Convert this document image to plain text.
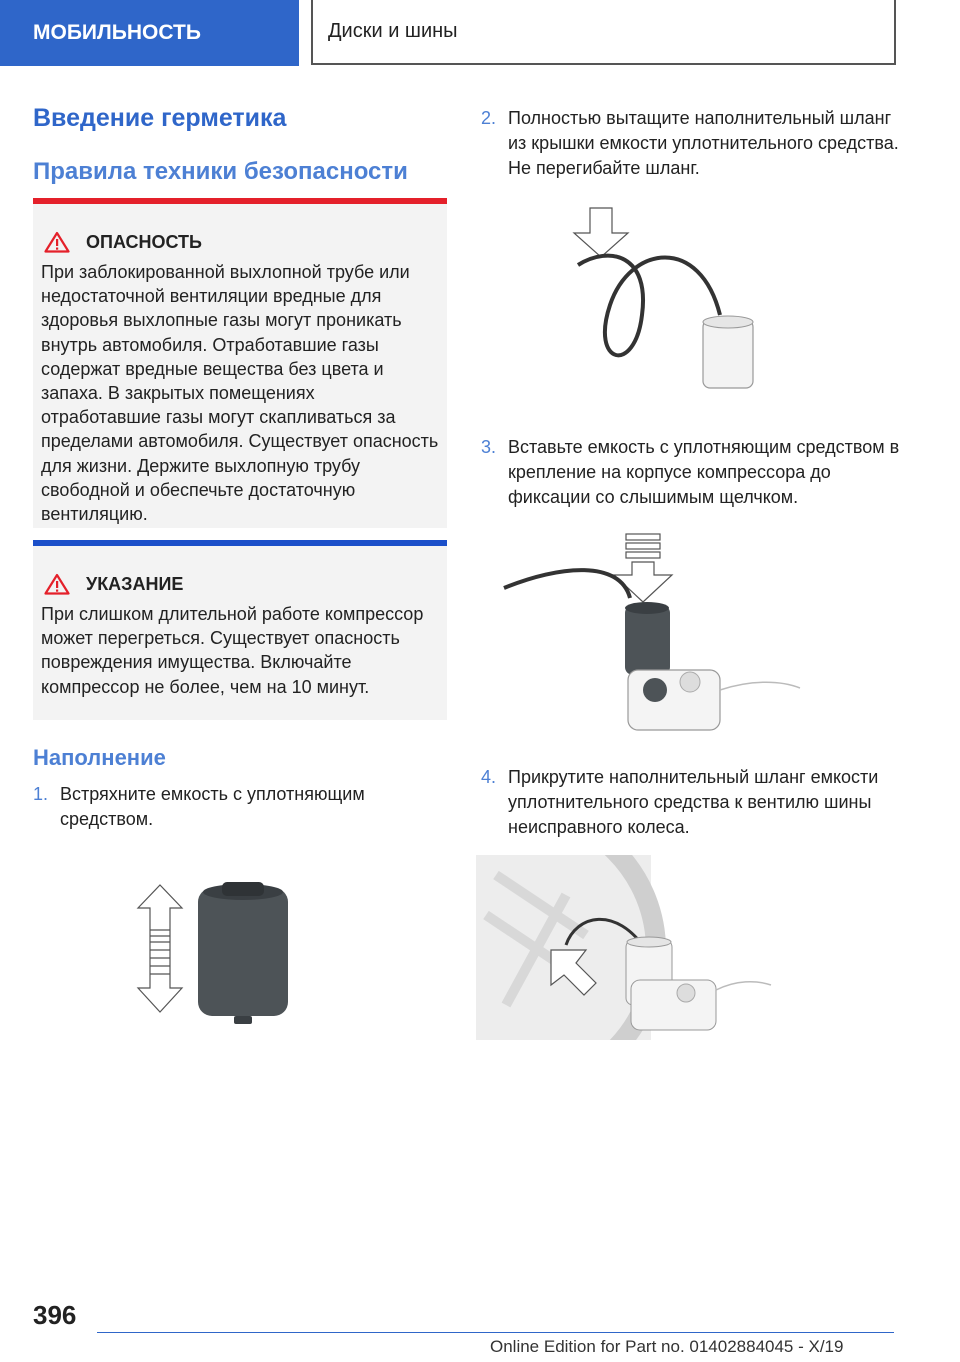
МОБИЛЬНОСТЬ	Диски и шины
Введение герметика
Правила техники безопасности
ОПАСНОСТЬ
При заблокированной выхлопной трубе или недостаточной вентиляции вредные для здоровья выхлопные газы могут проникать внутрь автомобиля. Отработавшие газы содержат вредные вещества без цвета и запаха. В закрытых помещениях отработавшие газы могут скапливаться за пределами автомобиля. Существует опасность для жизни. Держите выхлопную трубу свободной и обеспечьте достаточную вентиляцию.
УКАЗАНИЕ
При слишком длительной работе компрессор может перегреться. Существует опасность повреждения имущества. Включайте компрессор не более, чем на 10 минут.
Наполнение
1. Встряхните емкость с уплотняющим средством.
2. Полностью вытащите наполнительный шланг из крышки емкости уплотнительного средства. Не перегибайте шланг.
3. Вставьте емкость с уплотняющим средством в крепление на корпусе компрессора до фиксации со слышимым щелчком.
4. Прикрутите наполнительный шланг емкости уплотнительного средства к вентилю шины неисправного колеса.
396
Online Edition for Part no. 01402884045 - X/19
